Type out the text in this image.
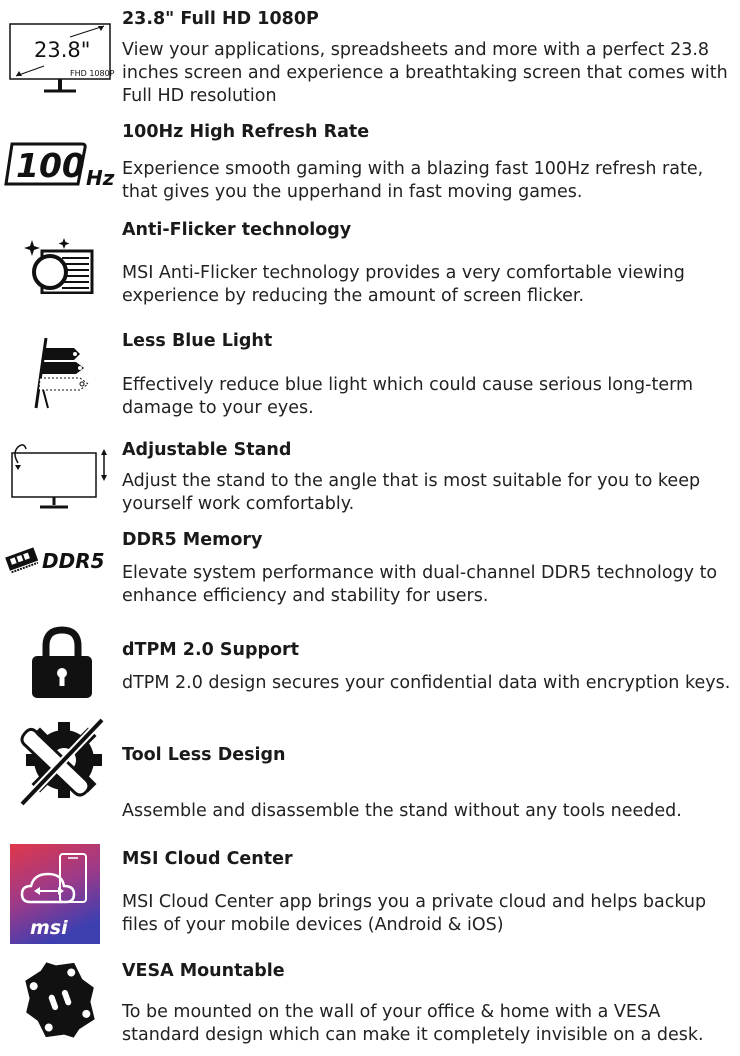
23.8"
FHD 1080P
23.8" Full HD 1080P
View your applications, spreadsheets and more with a perfect 23.8 inches screen and experience a breathtaking screen that comes with Full HD resolution
100 Hz
100Hz High Refresh Rate
Experience smooth gaming with a blazing fast 100Hz refresh rate, that gives you the upperhand in fast moving games.
Anti-Flicker technology
MSI Anti-Flicker technology provides a very comfortable viewing experience by reducing the amount of screen flicker.
Less Blue Light
Effectively reduce blue light which could cause serious long-term damage to your eyes.
Adjustable Stand
Adjust the stand to the angle that is most suitable for you to keep yourself work comfortably.
DDR5
DDR5 Memory
Elevate system performance with dual-channel DDR5 technology to enhance efficiency and stability for users.
dTPM 2.0 Support
dTPM 2.0 design secures your confidential data with encryption keys.
Tool Less Design
Assemble and disassemble the stand without any tools needed.
msi
MSI Cloud Center
MSI Cloud Center app brings you a private cloud and helps backup files of your mobile devices (Android & iOS)
VESA Mountable
To be mounted on the wall of your office & home with a VESA standard design which can make it completely invisible on a desk.
